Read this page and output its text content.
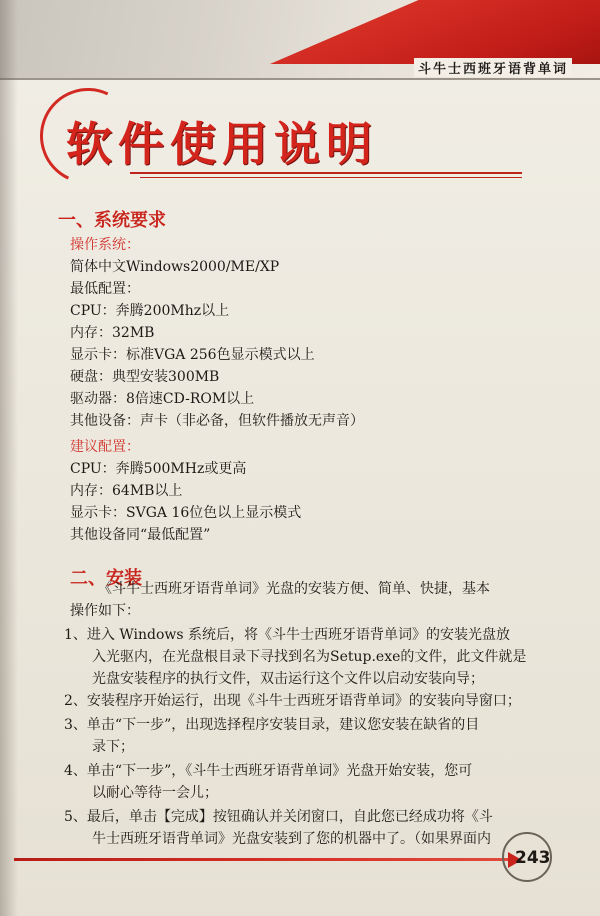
斗牛士西班牙语背单词
软件使用说明
一、系统要求
操作系统：
简体中文Windows2000/ME/XP
最低配置：
CPU：奔腾200Mhz以上
内存：32MB
显示卡：标准VGA 256色显示模式以上
硬盘：典型安装300MB
驱动器：8倍速CD-ROM以上
其他设备：声卡（非必备，但软件播放无声音）
建议配置：
CPU：奔腾500MHz或更高
内存：64MB以上
显示卡：SVGA 16位色以上显示模式
其他设备同“最低配置”
二、安装
《斗牛士西班牙语背单词》光盘的安装方便、简单、快捷，基本
操作如下：
1、进入 Windows 系统后，将《斗牛士西班牙语背单词》的安装光盘放
入光驱内，在光盘根目录下寻找到名为Setup.exe的文件，此文件就是
光盘安装程序的执行文件，双击运行这个文件以启动安装向导；
2、安装程序开始运行，出现《斗牛士西班牙语背单词》的安装向导窗口；
3、单击“下一步”，出现选择程序安装目录，建议您安装在缺省的目
录下；
4、单击“下一步”，《斗牛士西班牙语背单词》光盘开始安装，您可
以耐心等待一会儿；
5、最后，单击【完成】按钮确认并关闭窗口，自此您已经成功将《斗
牛士西班牙语背单词》光盘安装到了您的机器中了。（如果界面内
243
